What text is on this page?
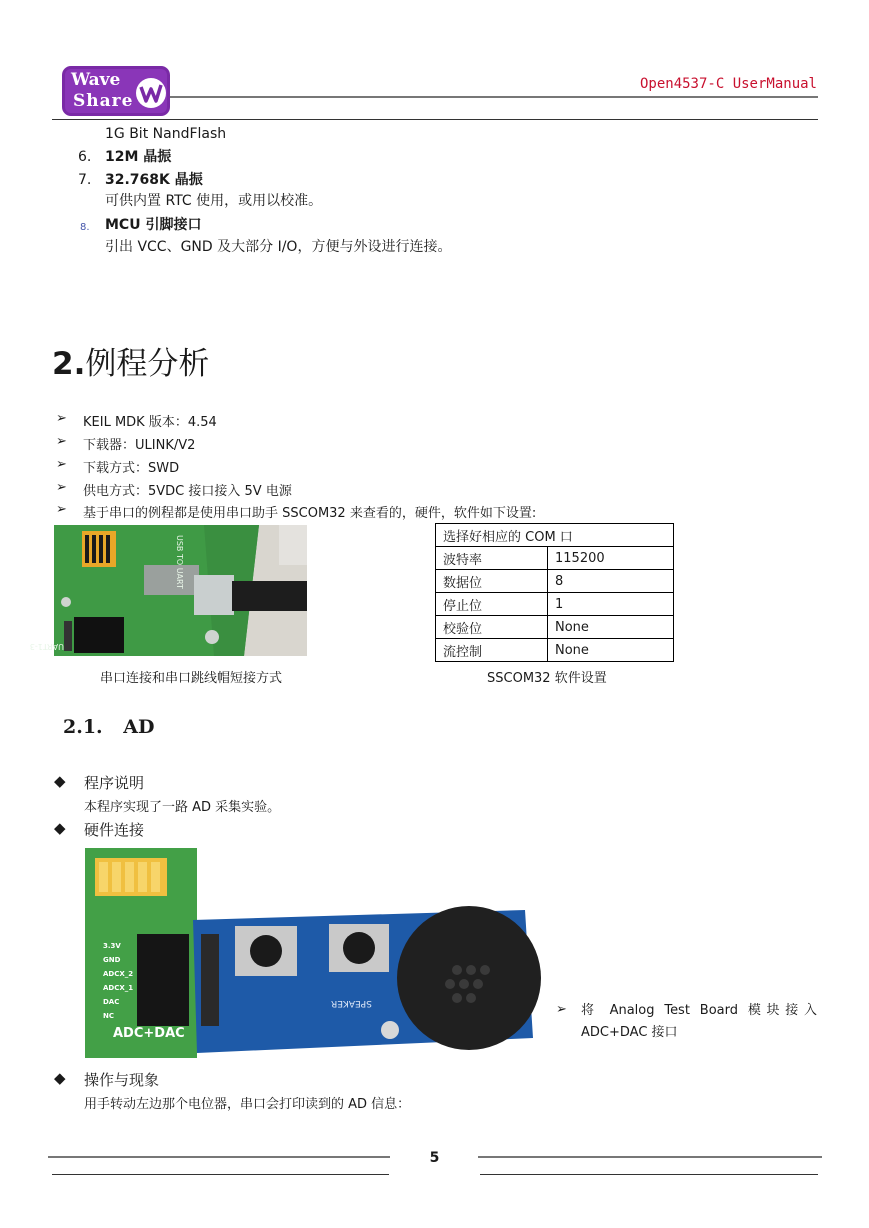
Wave
Share
Open4537-C UserManual
1G Bit NandFlash
6. 12M 晶振
7. 32.768K 晶振
可供内置 RTC 使用，或用以校准。
8. MCU 引脚接口
引出 VCC、GND 及大部分 I/O，方便与外设进行连接。
2.例程分析
➢ KEIL MDK 版本：4.54
➢ 下载器：ULINK/V2
➢ 下载方式：SWD
➢ 供电方式：5VDC 接口接入 5V 电源
➢ 基于串口的例程都是使用串口助手 SSCOM32 来查看的，硬件，软件如下设置:
UART1-3
USB TO UART	选择好相应的 COM 口	
波特率	115200
数据位	8
停止位	1
校验位	None
流控制	None
串口连接和串口跳线帽短接方式	SSCOM32 软件设置
2.1. AD
◆ 程序说明
本程序实现了一路 AD 采集实验。
◆ 硬件连接
3.3V
GND
ADCX_2
ADCX_1
DAC
NC
ADC+DAC
SPEAKER	➢ 将 Analog Test Board 模块接入 ADC+DAC 接口
◆ 操作与现象
用手转动左边那个电位器，串口会打印读到的 AD 信息：
5
